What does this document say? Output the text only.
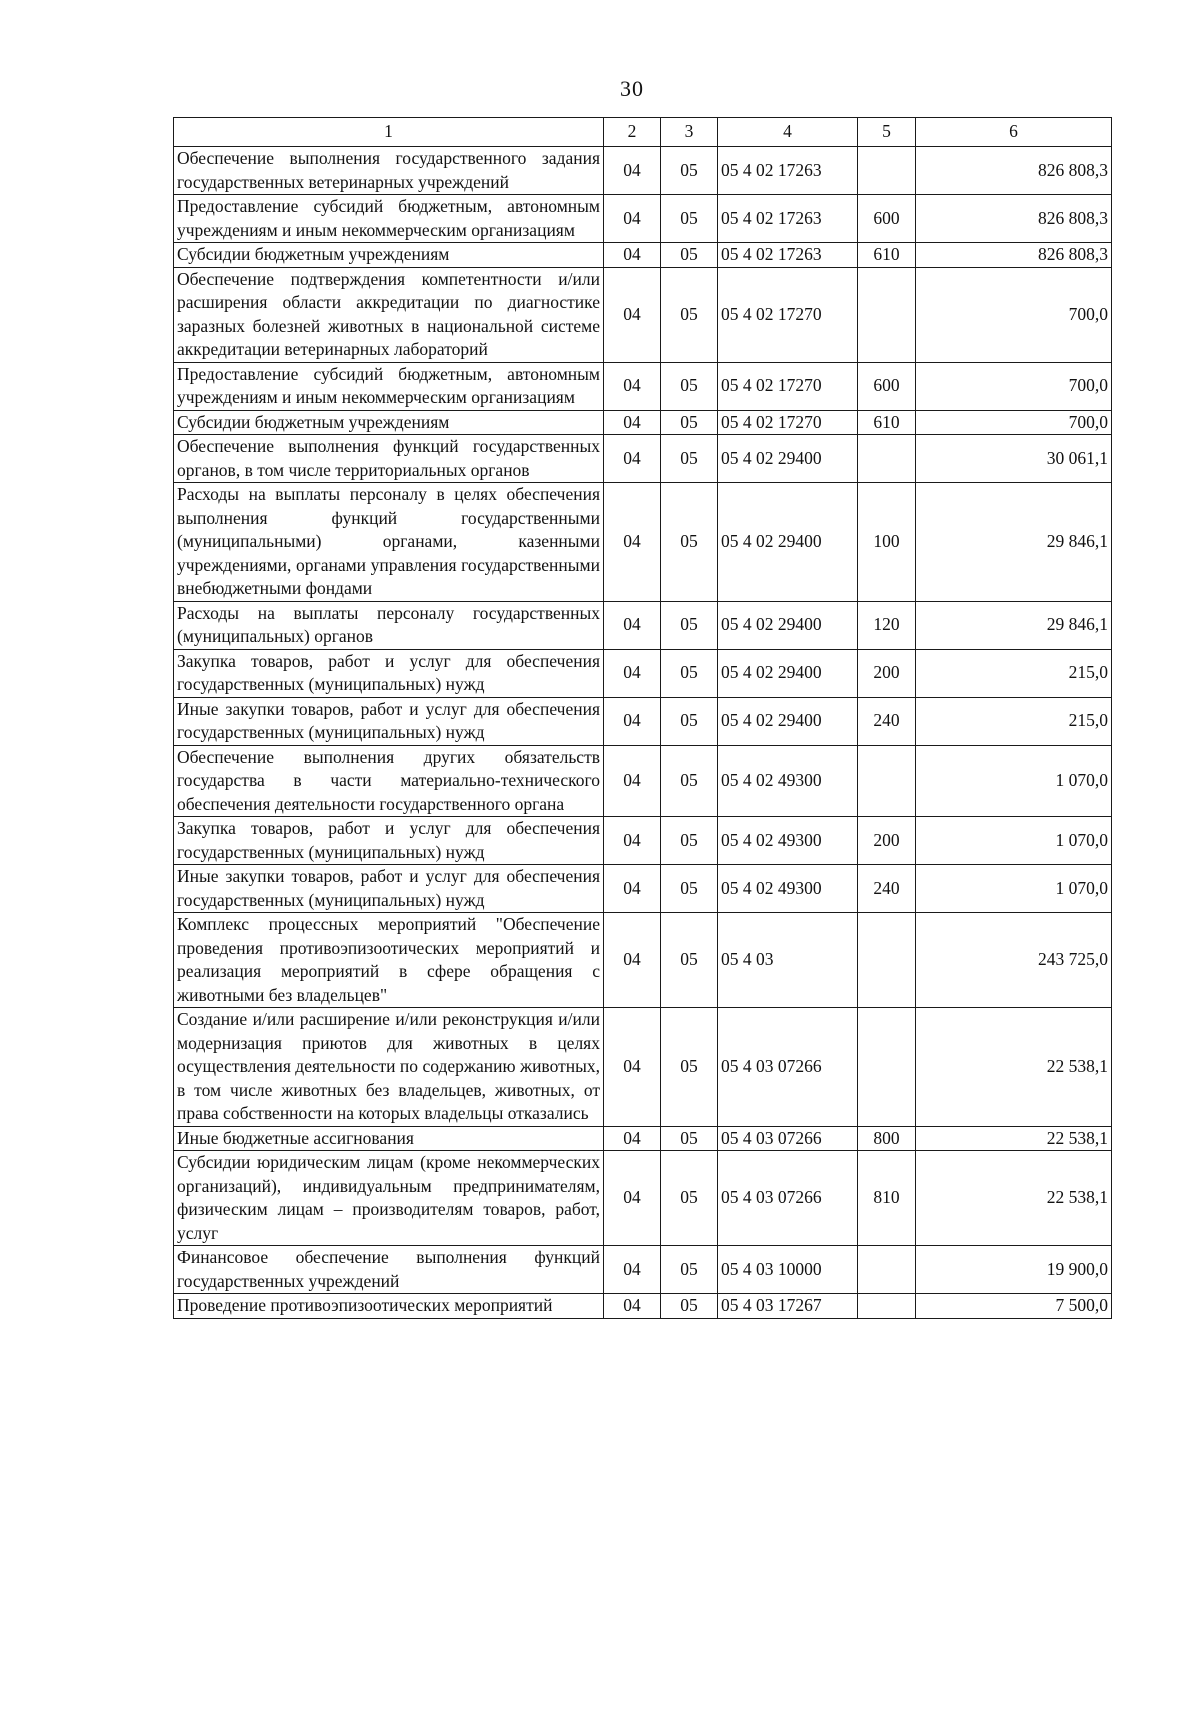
30
1	2	3	4	5	6
Обеспечение выполнения государственного задания государственных ветеринарных учреждений	04	05	05 4 02 17263		826 808,3
Предоставление субсидий бюджетным, автономным учреждениям и иным некоммерческим организациям	04	05	05 4 02 17263	600	826 808,3
Субсидии бюджетным учреждениям	04	05	05 4 02 17263	610	826 808,3
Обеспечение подтверждения компетентности и/или расширения области аккредитации по диагностике заразных болезней животных в национальной системе аккредитации ветеринарных лабораторий	04	05	05 4 02 17270		700,0
Предоставление субсидий бюджетным, автономным учреждениям и иным некоммерческим организациям	04	05	05 4 02 17270	600	700,0
Субсидии бюджетным учреждениям	04	05	05 4 02 17270	610	700,0
Обеспечение выполнения функций государственных органов, в том числе территориальных органов	04	05	05 4 02 29400		30 061,1
Расходы на выплаты персоналу в целях обеспечения выполнения функций государственными (муниципальными) органами, казенными учреждениями, органами управления государственными внебюджетными фондами	04	05	05 4 02 29400	100	29 846,1
Расходы на выплаты персоналу государственных (муниципальных) органов	04	05	05 4 02 29400	120	29 846,1
Закупка товаров, работ и услуг для обеспечения государственных (муниципальных) нужд	04	05	05 4 02 29400	200	215,0
Иные закупки товаров, работ и услуг для обеспечения государственных (муниципальных) нужд	04	05	05 4 02 29400	240	215,0
Обеспечение выполнения других обязательств государства в части материально-технического обеспечения деятельности государственного органа	04	05	05 4 02 49300		1 070,0
Закупка товаров, работ и услуг для обеспечения государственных (муниципальных) нужд	04	05	05 4 02 49300	200	1 070,0
Иные закупки товаров, работ и услуг для обеспечения государственных (муниципальных) нужд	04	05	05 4 02 49300	240	1 070,0
Комплекс процессных мероприятий "Обеспечение проведения противоэпизоотических мероприятий и реализация мероприятий в сфере обращения с животными без владельцев"	04	05	05 4 03		243 725,0
Создание и/или расширение и/или реконструкция и/или модернизация приютов для животных в целях осуществления деятельности по содержанию животных, в том числе животных без владельцев, животных, от права собственности на которых владельцы отказались	04	05	05 4 03 07266		22 538,1
Иные бюджетные ассигнования	04	05	05 4 03 07266	800	22 538,1
Субсидии юридическим лицам (кроме некоммерческих организаций), индивидуальным предпринимателям, физическим лицам – производителям товаров, работ, услуг	04	05	05 4 03 07266	810	22 538,1
Финансовое обеспечение выполнения функций государственных учреждений	04	05	05 4 03 10000		19 900,0
Проведение противоэпизоотических мероприятий	04	05	05 4 03 17267		7 500,0
